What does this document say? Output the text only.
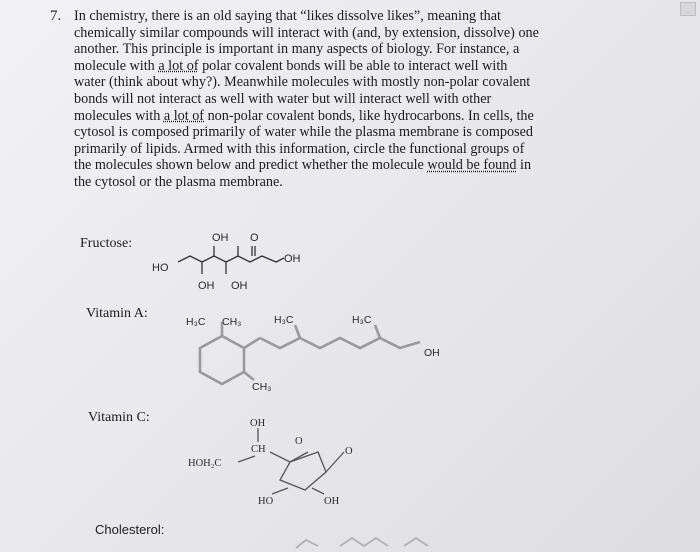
7. In chemistry, there is an old saying that “likes dissolve likes”, meaning that

chemically similar compounds will interact with (and, by extension, dissolve) one

another. This principle is important in many aspects of biology. For instance, a

molecule with a lot of polar covalent bonds will be able to interact well with

water (think about why?). Meanwhile molecules with mostly non-polar covalent

bonds will not interact as well with water but will interact well with other

molecules with a lot of non-polar covalent bonds, like hydrocarbons. In cells, the

cytosol is composed primarily of water while the plasma membrane is composed

primarily of lipids. Armed with this information, circle the functional groups of

the molecules shown below and predict whether the molecule would be found in

the cytosol or the plasma membrane.

Fructose:
Vitamin A:
Vitamin C:
Cholesterol:
HO
OH O
OH
OH OH
H₃C CH₃	H₃C	H₃C
OH
CH₃
OH
CH
HOH₂C
O
O
HO	OH
